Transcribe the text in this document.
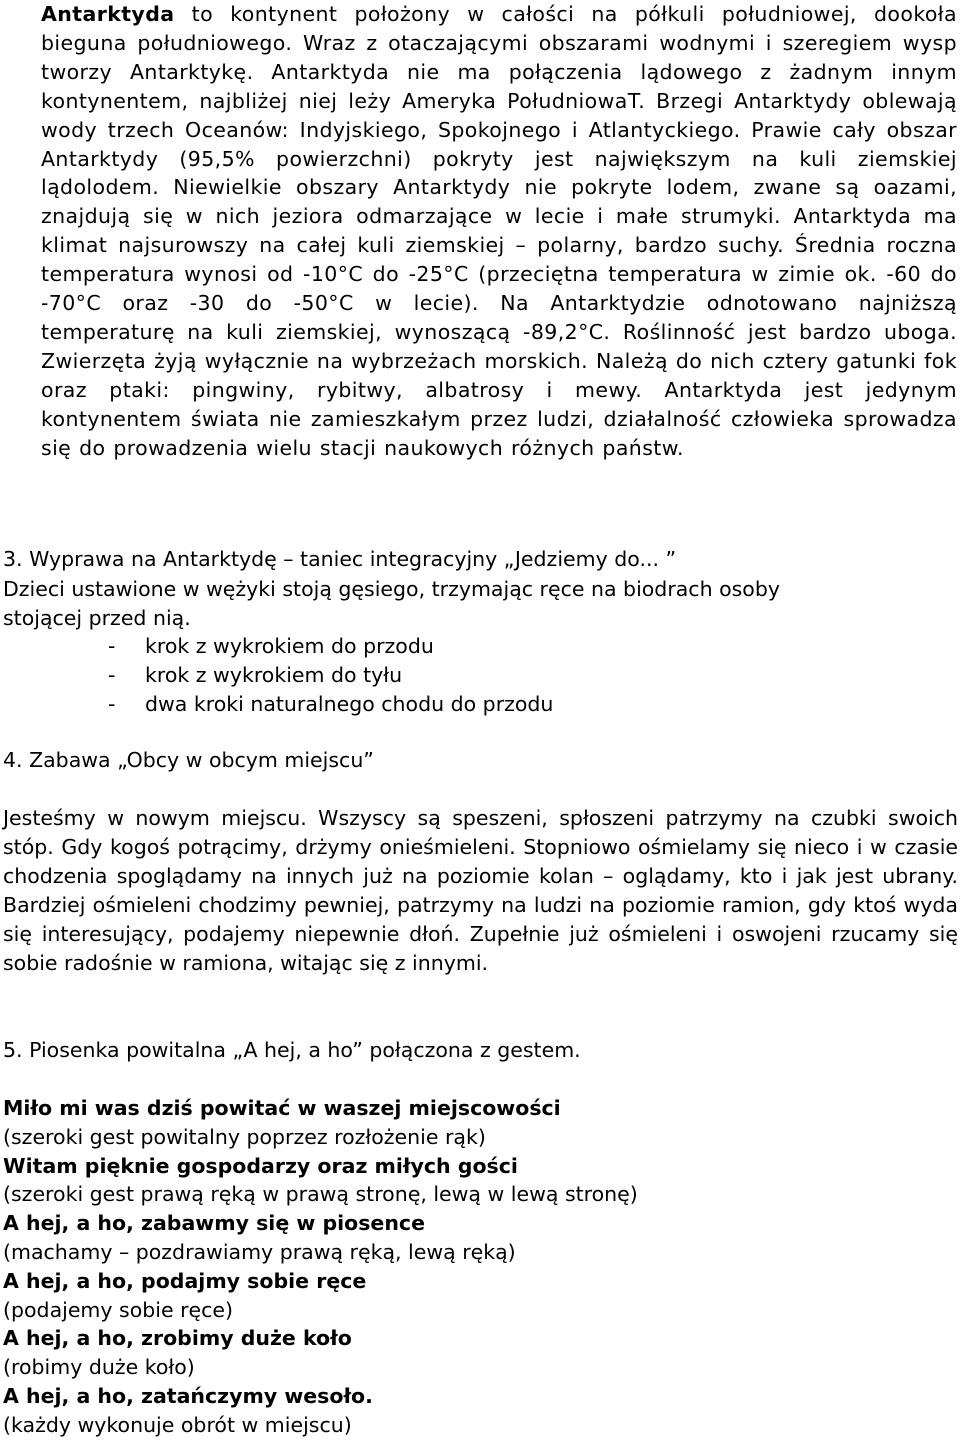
Antarktyda to kontynent położony w całości na półkuli południowej, dookoła bieguna południowego. Wraz z otaczającymi obszarami wodnymi i szeregiem wysp tworzy Antarktykę. Antarktyda nie ma połączenia lądowego z żadnym innym kontynentem, najbliżej niej leży Ameryka PołudniowaT. Brzegi Antarktydy oblewają wody trzech Oceanów: Indyjskiego, Spokojnego i Atlantyckiego. Prawie cały obszar Antarktydy (95,5% powierzchni) pokryty jest największym na kuli ziemskiej lądolodem. Niewielkie obszary Antarktydy nie pokryte lodem, zwane są oazami, znajdują się w nich jeziora odmarzające w lecie i małe strumyki. Antarktyda ma klimat najsurowszy na całej kuli ziemskiej – polarny, bardzo suchy. Średnia roczna temperatura wynosi od -10°C do -25°C (przeciętna temperatura w zimie ok. -60 do -70°C oraz -30 do -50°C w lecie). Na Antarktydzie odnotowano najniższą temperaturę na kuli ziemskiej, wynoszącą -89,2°C. Roślinność jest bardzo uboga. Zwierzęta żyją wyłącznie na wybrzeżach morskich. Należą do nich cztery gatunki fok oraz ptaki: pingwiny, rybitwy, albatrosy i mewy. Antarktyda jest jedynym kontynentem świata nie zamieszkałym przez ludzi, działalność człowieka sprowadza się do prowadzenia wielu stacji naukowych różnych państw.
3. Wyprawa na Antarktydę – taniec integracyjny „Jedziemy do... ”
Dzieci ustawione w wężyki stoją gęsiego, trzymając ręce na biodrach osoby
stojącej przed nią.
- krok z wykrokiem do przodu
- krok z wykrokiem do tyłu
- dwa kroki naturalnego chodu do przodu
4. Zabawa „Obcy w obcym miejscu”
Jesteśmy w nowym miejscu. Wszyscy są speszeni, spłoszeni patrzymy na czubki swoich stóp. Gdy kogoś potrącimy, drżymy onieśmieleni. Stopniowo ośmielamy się nieco i w czasie chodzenia spoglądamy na innych już na poziomie kolan – oglądamy, kto i jak jest ubrany. Bardziej ośmieleni chodzimy pewniej, patrzymy na ludzi na poziomie ramion, gdy ktoś wyda się interesujący, podajemy niepewnie dłoń. Zupełnie już ośmieleni i oswojeni rzucamy się sobie radośnie w ramiona, witając się z innymi.
5. Piosenka powitalna „A hej, a ho” połączona z gestem.
Miło mi was dziś powitać w waszej miejscowości
(szeroki gest powitalny poprzez rozłożenie rąk)
Witam pięknie gospodarzy oraz miłych gości
(szeroki gest prawą ręką w prawą stronę, lewą w lewą stronę)
A hej, a ho, zabawmy się w piosence
(machamy – pozdrawiamy prawą ręką, lewą ręką)
A hej, a ho, podajmy sobie ręce
(podajemy sobie ręce)
A hej, a ho, zrobimy duże koło
(robimy duże koło)
A hej, a ho, zatańczymy wesoło.
(każdy wykonuje obrót w miejscu)
